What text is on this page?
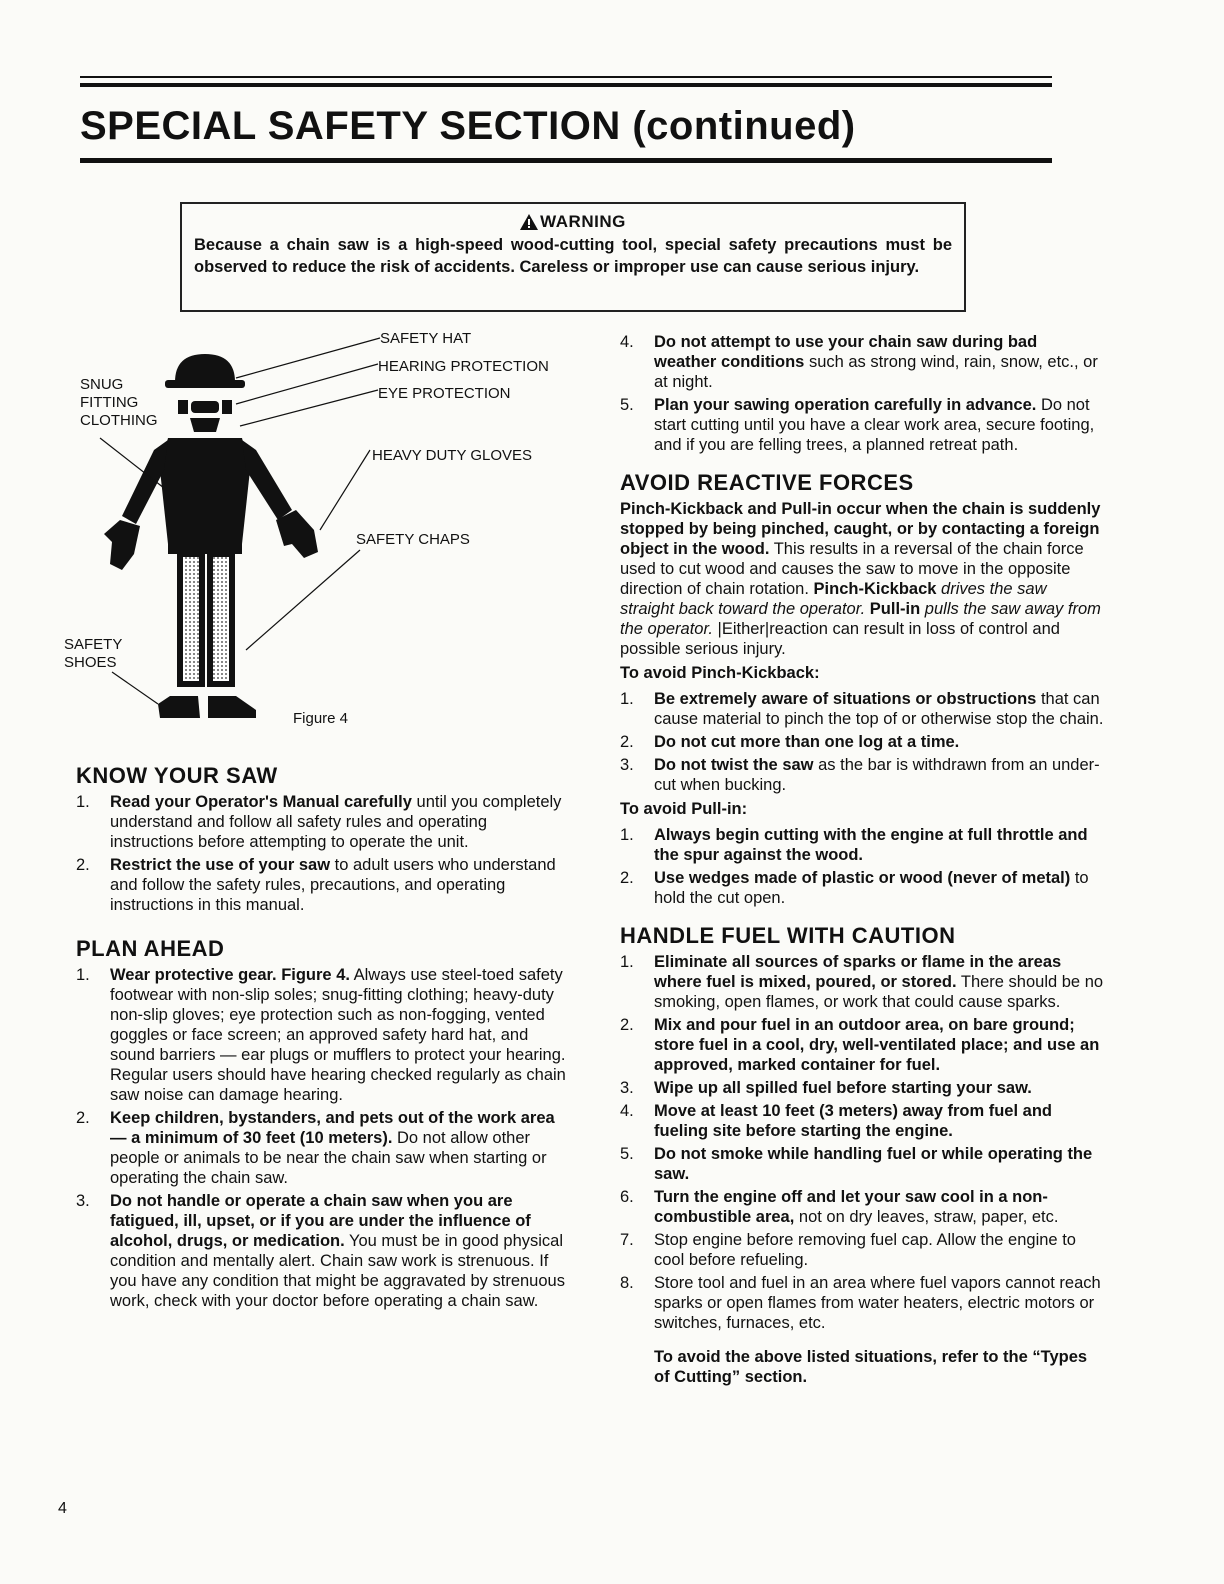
SPECIAL SAFETY SECTION (continued)
WARNING
Because a chain saw is a high-speed wood-cutting tool, special safety precautions must be observed to reduce the risk of accidents. Careless or improper use can cause serious injury.
SAFETY HAT
HEARING PROTECTION
EYE PROTECTION
HEAVY DUTY GLOVES
SAFETY CHAPS
SNUG
FITTING
CLOTHING
SAFETY
SHOES
Figure 4
KNOW YOUR SAW
1.	Read your Operator's Manual carefully until you completely understand and follow all safety rules and operating instructions before attempting to operate the unit.
2.	Restrict the use of your saw to adult users who understand and follow the safety rules, precautions, and operating instructions in this manual.
PLAN AHEAD
1.	Wear protective gear. Figure 4. Always use steel-toed safety footwear with non-slip soles; snug-fitting clothing; heavy-duty non-slip gloves; eye protection such as non-fogging, vented goggles or face screen; an approved safety hard hat, and sound barriers — ear plugs or mufflers to protect your hearing. Regular users should have hearing checked regularly as chain saw noise can damage hearing.
2.	Keep children, bystanders, and pets out of the work area — a minimum of 30 feet (10 meters). Do not allow other people or animals to be near the chain saw when starting or operating the chain saw.
3.	Do not handle or operate a chain saw when you are fatigued, ill, upset, or if you are under the influence of alcohol, drugs, or medication. You must be in good physical condition and mentally alert. Chain saw work is strenuous. If you have any condition that might be aggravated by strenuous work, check with your doctor before operating a chain saw.
4.	Do not attempt to use your chain saw during bad weather conditions such as strong wind, rain, snow, etc., or at night.
5.	Plan your sawing operation carefully in advance. Do not start cutting until you have a clear work area, secure footing, and if you are felling trees, a planned retreat path.
AVOID REACTIVE FORCES

Pinch-Kickback and Pull-in occur when the chain is suddenly stopped by being pinched, caught, or by contacting a foreign object in the wood. This results in a reversal of the chain force used to cut wood and causes the saw to move in the opposite direction of chain rotation. Pinch-Kickback drives the saw straight back toward the operator. Pull-in pulls the saw away from the operator. |Either|reaction can result in loss of control and possible serious injury.

To avoid Pinch-Kickback:
1.	Be extremely aware of situations or obstructions that can cause material to pinch the top of or otherwise stop the chain.
2.	Do not cut more than one log at a time.
3.	Do not twist the saw as the bar is withdrawn from an under-cut when bucking.
To avoid Pull-in:
1.	Always begin cutting with the engine at full throttle and the spur against the wood.
2.	Use wedges made of plastic or wood (never of metal) to hold the cut open.
HANDLE FUEL WITH CAUTION
1.	Eliminate all sources of sparks or flame in the areas where fuel is mixed, poured, or stored. There should be no smoking, open flames, or work that could cause sparks.
2.	Mix and pour fuel in an outdoor area, on bare ground; store fuel in a cool, dry, well-ventilated place; and use an approved, marked container for fuel.
3.	Wipe up all spilled fuel before starting your saw.
4.	Move at least 10 feet (3 meters) away from fuel and fueling site before starting the engine.
5.	Do not smoke while handling fuel or while operating the saw.
6.	Turn the engine off and let your saw cool in a non-combustible area, not on dry leaves, straw, paper, etc.
7.	Stop engine before removing fuel cap. Allow the engine to cool before refueling.
8.	Store tool and fuel in an area where fuel vapors cannot reach sparks or open flames from water heaters, electric motors or switches, furnaces, etc.

To avoid the above listed situations, refer to the “Types of Cutting” section.

4
